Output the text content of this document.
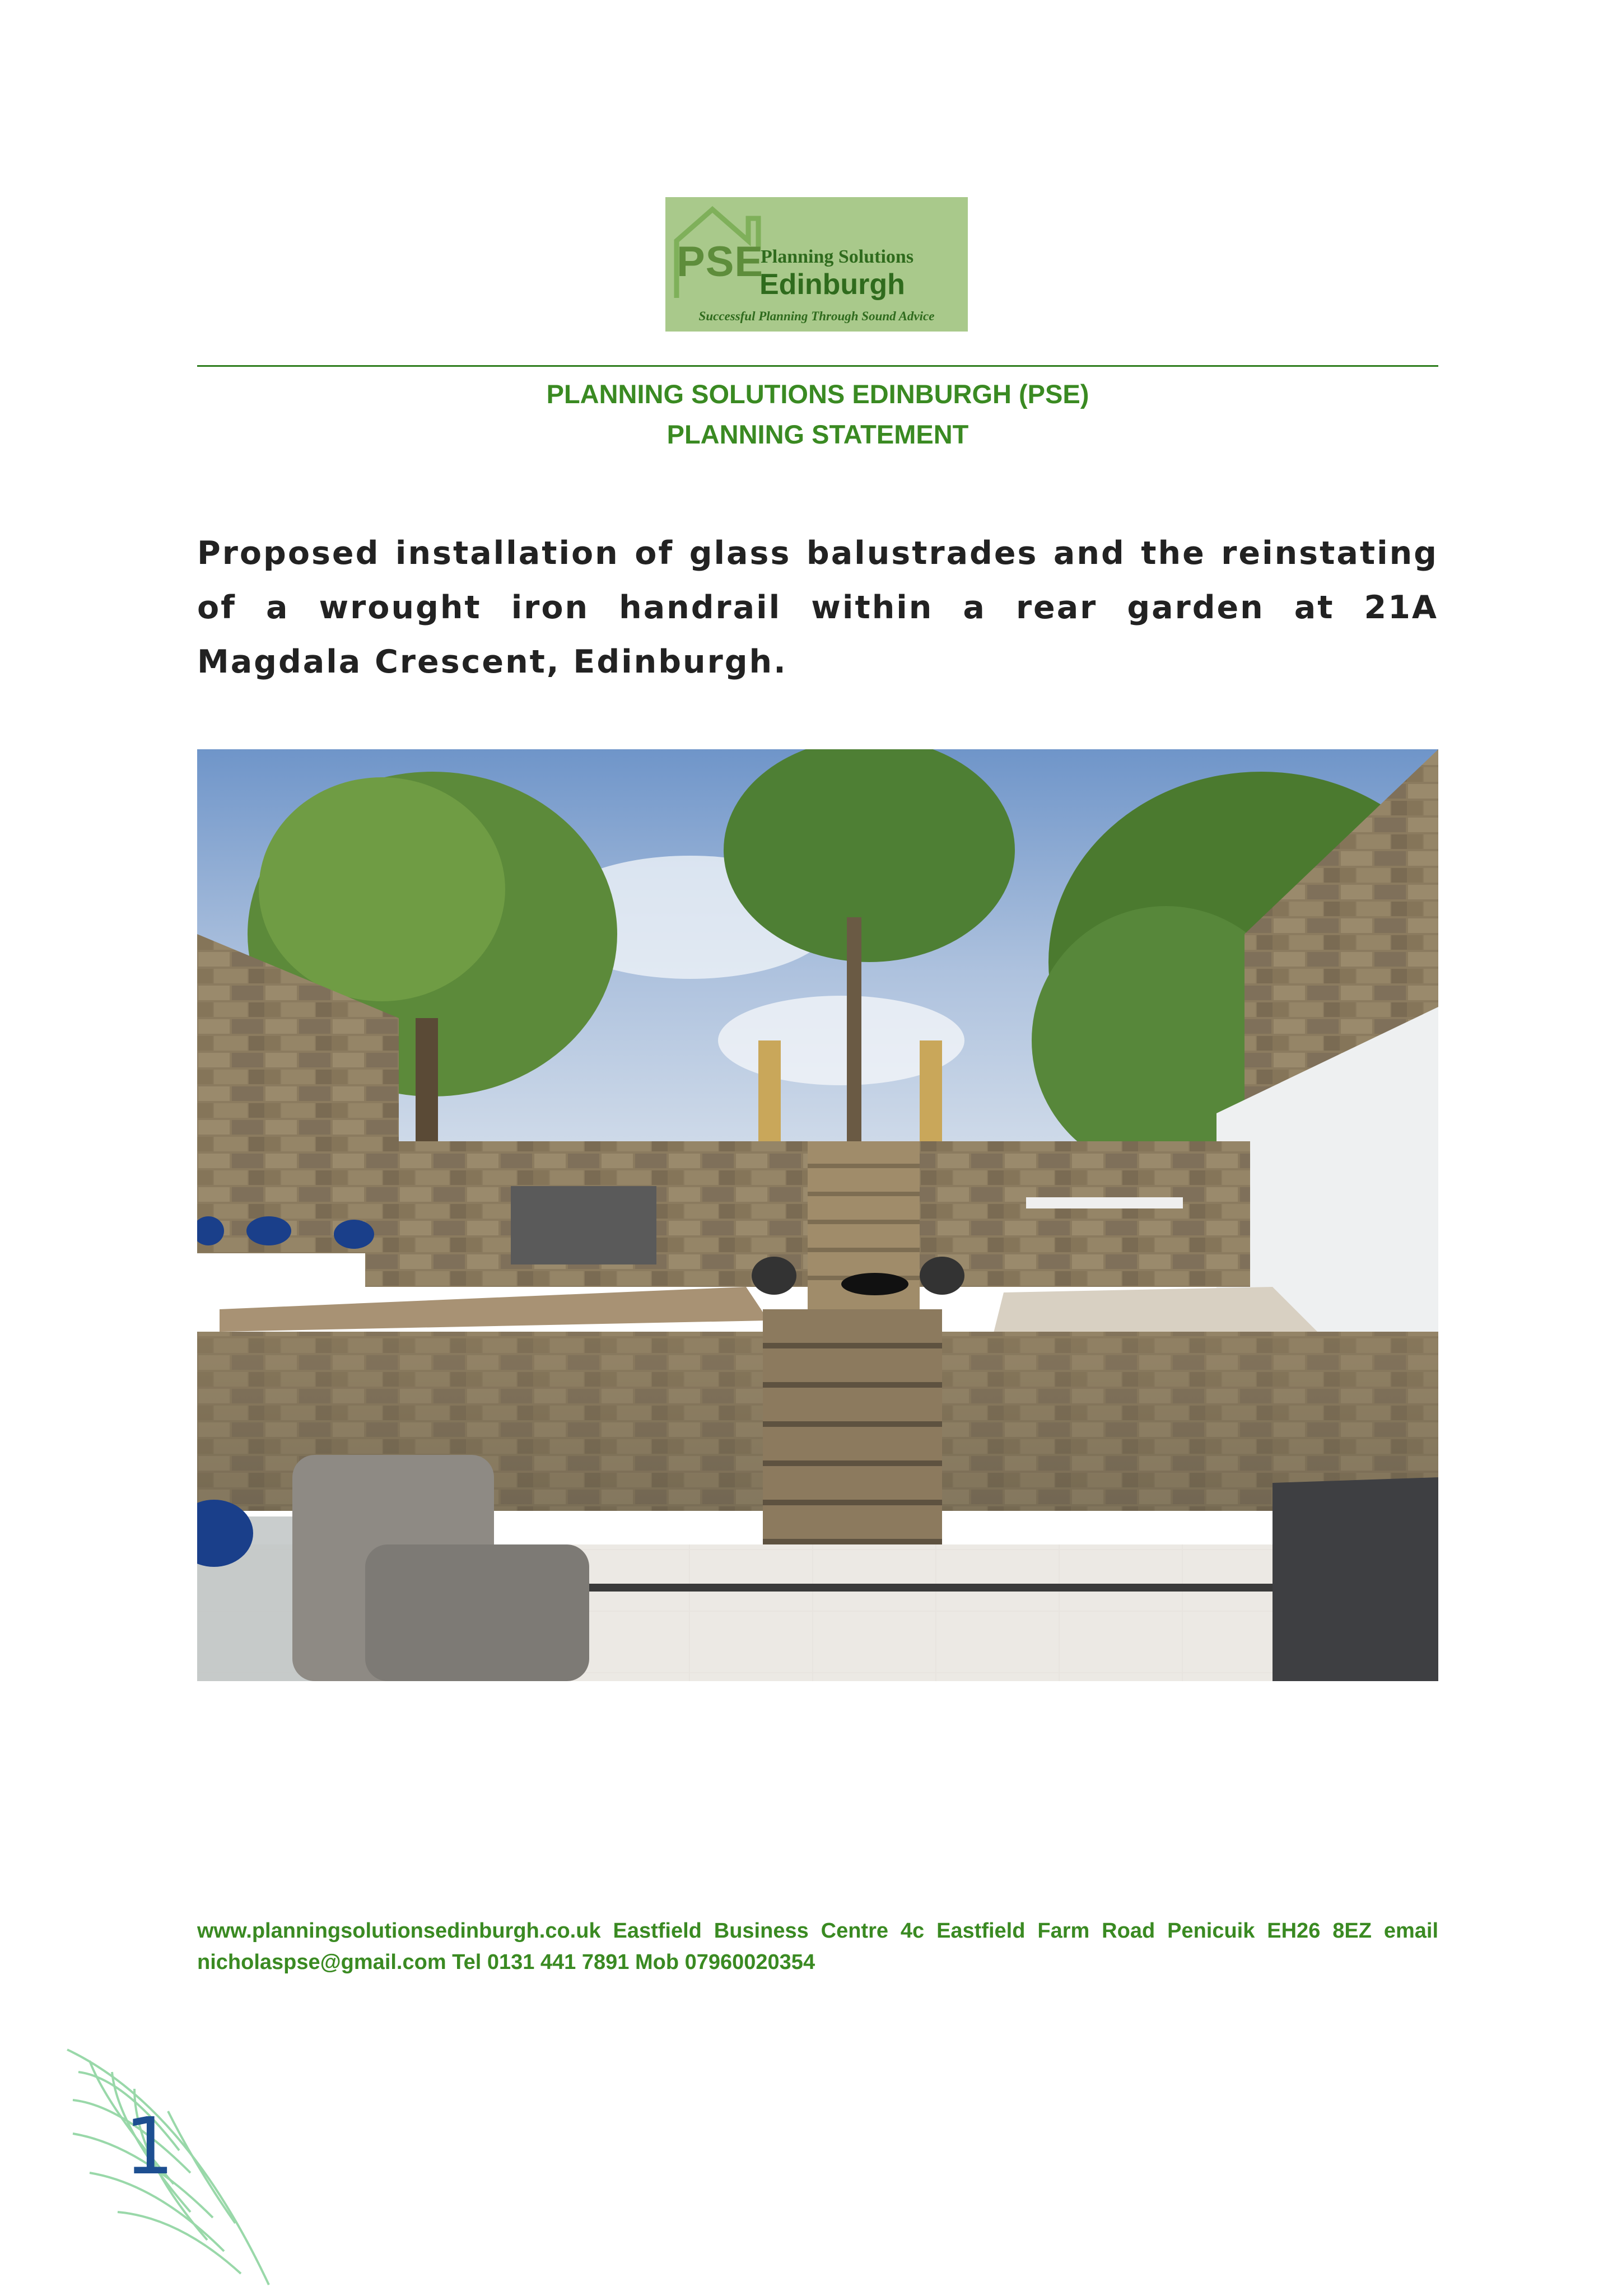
PSE
Planning Solutions
Edinburgh
Successful Planning Through Sound Advice
PLANNING SOLUTIONS EDINBURGH (PSE)
PLANNING STATEMENT
Proposed installation of glass balustrades and the reinstating of a wrought iron handrail within a rear garden at 21A Magdala Crescent, Edinburgh.
www.planningsolutionsedinburgh.co.uk Eastfield Business Centre 4c Eastfield Farm Road Penicuik EH26 8EZ email nicholaspse@gmail.com Tel 0131 441 7891 Mob 07960020354
1
